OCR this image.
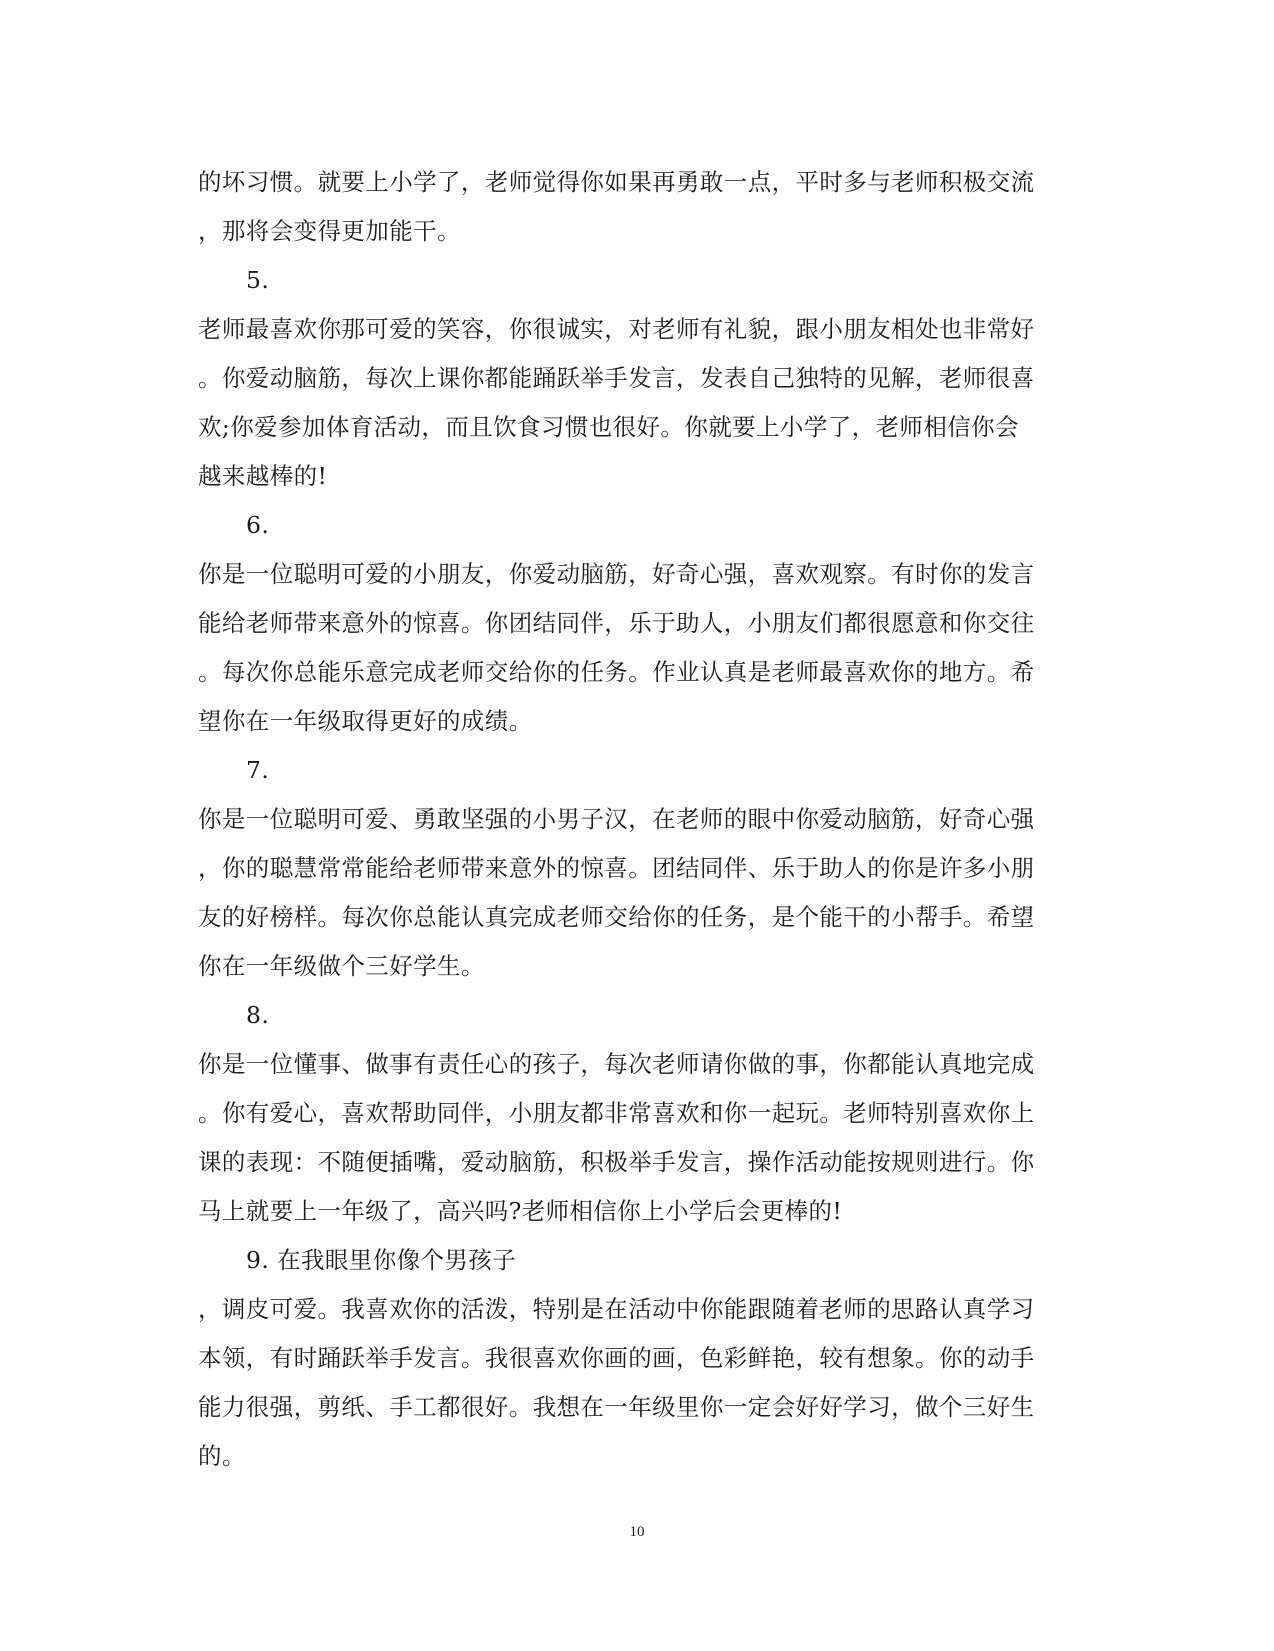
的坏习惯。就要上小学了，老师觉得你如果再勇敢一点，平时多与老师积极交流
，那将会变得更加能干。
5.
老师最喜欢你那可爱的笑容，你很诚实，对老师有礼貌，跟小朋友相处也非常好
。你爱动脑筋，每次上课你都能踊跃举手发言，发表自己独特的见解，老师很喜
欢;你爱参加体育活动，而且饮食习惯也很好。你就要上小学了，老师相信你会
越来越棒的!
6.
你是一位聪明可爱的小朋友，你爱动脑筋，好奇心强，喜欢观察。有时你的发言
能给老师带来意外的惊喜。你团结同伴，乐于助人，小朋友们都很愿意和你交往
。每次你总能乐意完成老师交给你的任务。作业认真是老师最喜欢你的地方。希
望你在一年级取得更好的成绩。
7.
你是一位聪明可爱、勇敢坚强的小男子汉，在老师的眼中你爱动脑筋，好奇心强
，你的聪慧常常能给老师带来意外的惊喜。团结同伴、乐于助人的你是许多小朋
友的好榜样。每次你总能认真完成老师交给你的任务，是个能干的小帮手。希望
你在一年级做个三好学生。
8.
你是一位懂事、做事有责任心的孩子，每次老师请你做的事，你都能认真地完成
。你有爱心，喜欢帮助同伴，小朋友都非常喜欢和你一起玩。老师特别喜欢你上
课的表现：不随便插嘴，爱动脑筋，积极举手发言，操作活动能按规则进行。你
马上就要上一年级了，高兴吗?老师相信你上小学后会更棒的!
9. 在我眼里你像个男孩子
，调皮可爱。我喜欢你的活泼，特别是在活动中你能跟随着老师的思路认真学习
本领，有时踊跃举手发言。我很喜欢你画的画，色彩鲜艳，较有想象。你的动手
能力很强，剪纸、手工都很好。我想在一年级里你一定会好好学习，做个三好生
的。
10
